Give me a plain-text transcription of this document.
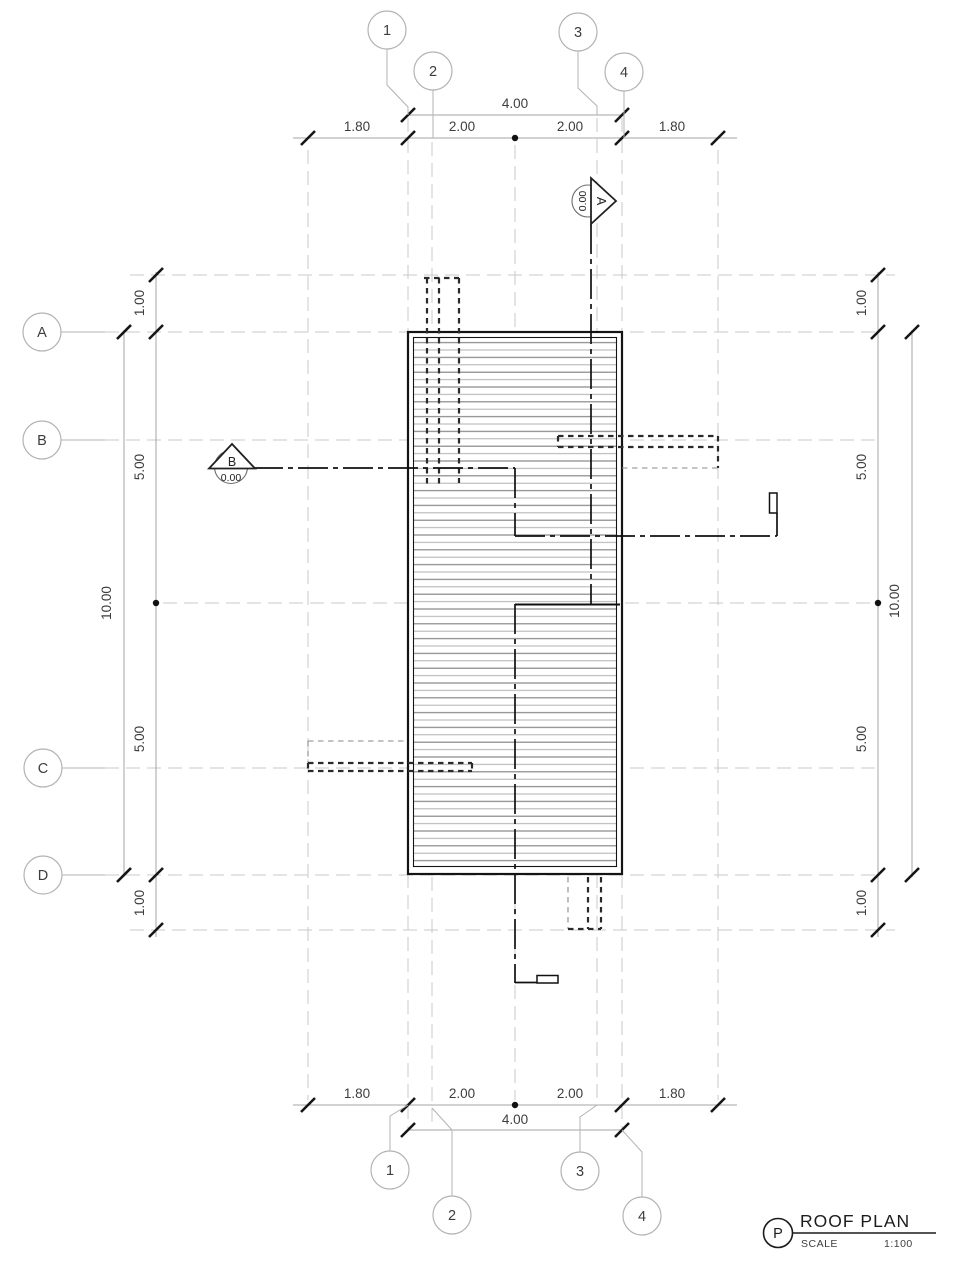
A
0.00
B
0.00
1.80	2.00	2.00	1.80
4.00
1.80	2.00	2.00	1.80
4.00
1.00
5.00
5.00
1.00
10.00
1.00
5.00
5.00
1.00
10.00
1
2
3
4
1
2
3
4
A
B
C
D
P
ROOF PLAN
SCALE	1:100
